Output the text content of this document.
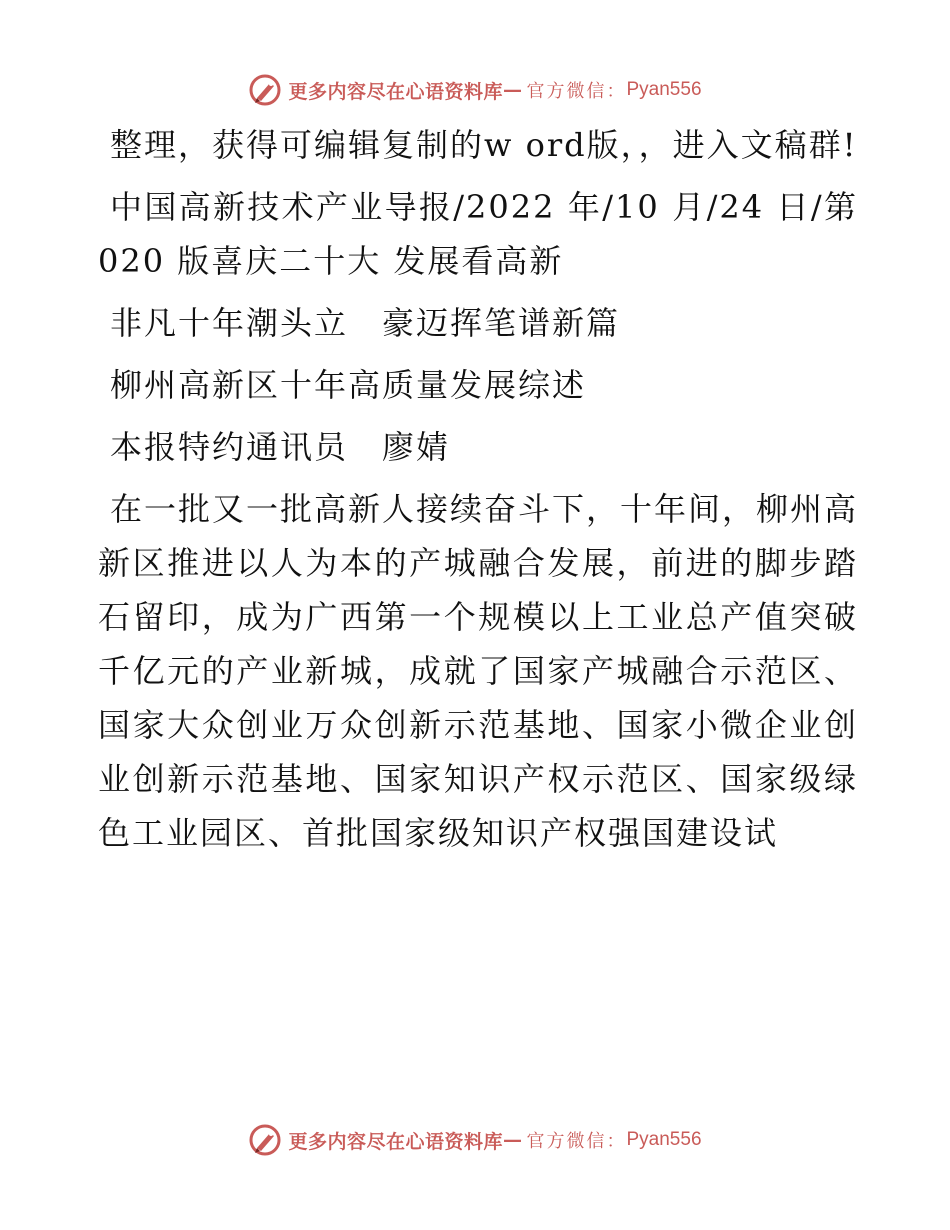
更多内容尽在心语资料库 — 官方微信： Pyan556

整理，获得可编辑复制的w ord版，，进入文稿群!

中国高新技术产业导报/2022 年/10 月/24 日/第020 版喜庆二十大 发展看高新

非凡十年潮头立　豪迈挥笔谱新篇

柳州高新区十年高质量发展综述

本报特约通讯员　廖婧

在一批又一批高新人接续奋斗下，十年间，柳州高新区推进以人为本的产城融合发展，前进的脚步踏石留印，成为广西第一个规模以上工业总产值突破千亿元的产业新城，成就了国家产城融合示范区、国家大众创业万众创新示范基地、国家小微企业创业创新示范基地、国家知识产权示范区、国家级绿色工业园区、首批国家级知识产权强国建设试

更多内容尽在心语资料库 — 官方微信： Pyan556
